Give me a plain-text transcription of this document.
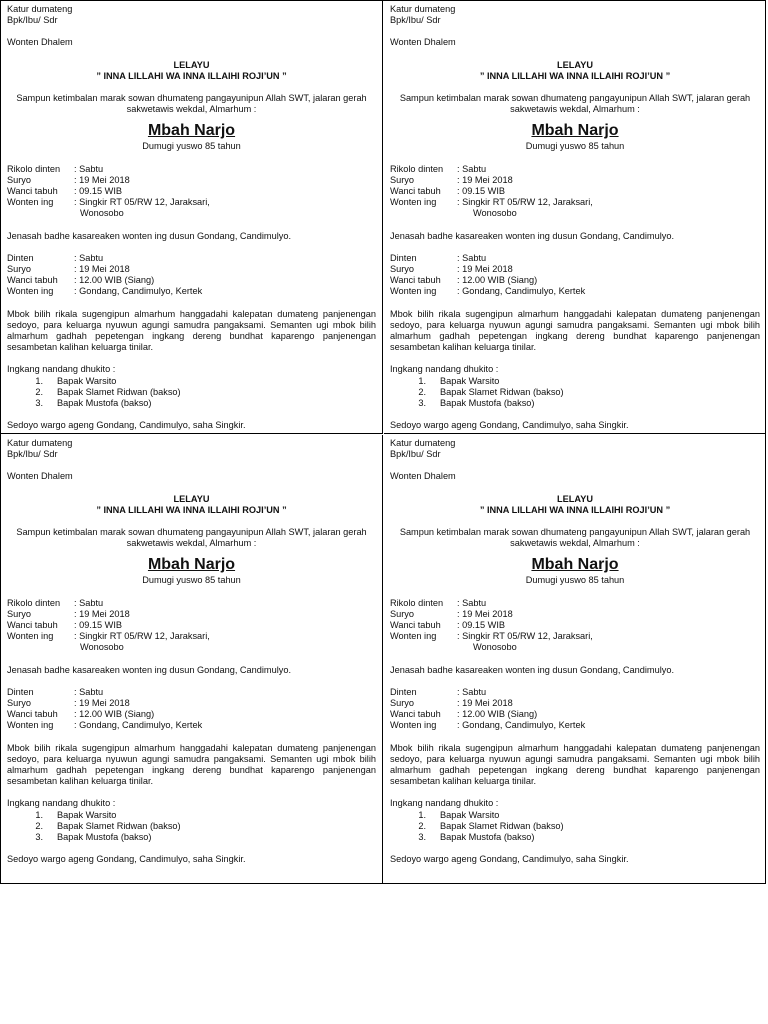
Katur dumateng
Bpk/Ibu/ Sdr
Wonten Dhalem
LELAYU
” INNA LILLAHI WA INNA ILLAIHI ROJI’UN ”
Sampun ketimbalan marak sowan dhumateng pangayunipun Allah SWT, jalaran gerah sakwetawis wekdal, Almarhum :
Mbah Narjo
Dumugi yuswo 85 tahun
Rikolo dinten	: Sabtu
Suryo	: 19 Mei 2018
Wanci tabuh	: 09.15 WIB
Wonten ing	: Singkir RT 05/RW 12, Jaraksari,
Wonosobo
Jenasah badhe kasareaken wonten ing dusun Gondang, Candimulyo.
Dinten	: Sabtu
Suryo	: 19 Mei 2018
Wanci tabuh	: 12.00 WIB (Siang)
Wonten ing	: Gondang, Candimulyo, Kertek
Mbok bilih rikala sugengipun almarhum hanggadahi kalepatan dumateng panjenengan sedoyo, para keluarga nyuwun agungi samudra pangaksami. Semanten ugi mbok bilih almarhum gadhah pepetengan ingkang dereng bundhat kaparengo panjenengan sesambetan kalihan keluarga tinilar.
Ingkang nandang dhukito :
1.	Bapak Warsito
2.	Bapak Slamet Ridwan (bakso)
3.	Bapak Mustofa (bakso)
Sedoyo wargo ageng Gondang, Candimulyo, saha Singkir.
Katur dumateng
Bpk/Ibu/ Sdr
Wonten Dhalem
LELAYU
” INNA LILLAHI WA INNA ILLAIHI ROJI’UN ”
Sampun ketimbalan marak sowan dhumateng pangayunipun Allah SWT, jalaran gerah sakwetawis wekdal, Almarhum :
Mbah Narjo
Dumugi yuswo 85 tahun
Rikolo dinten	: Sabtu
Suryo	: 19 Mei 2018
Wanci tabuh	: 09.15 WIB
Wonten ing	: Singkir RT 05/RW 12, Jaraksari,
Wonosobo
Jenasah badhe kasareaken wonten ing dusun Gondang, Candimulyo.
Dinten	: Sabtu
Suryo	: 19 Mei 2018
Wanci tabuh	: 12.00 WIB (Siang)
Wonten ing	: Gondang, Candimulyo, Kertek
Mbok bilih rikala sugengipun almarhum hanggadahi kalepatan dumateng panjenengan sedoyo, para keluarga nyuwun agungi samudra pangaksami. Semanten ugi mbok bilih almarhum gadhah pepetengan ingkang dereng bundhat kaparengo panjenengan sesambetan kalihan keluarga tinilar.
Ingkang nandang dhukito :
1.	Bapak Warsito
2.	Bapak Slamet Ridwan (bakso)
3.	Bapak Mustofa (bakso)
Sedoyo wargo ageng Gondang, Candimulyo, saha Singkir.
Katur dumateng
Bpk/Ibu/ Sdr
Wonten Dhalem
LELAYU
” INNA LILLAHI WA INNA ILLAIHI ROJI’UN ”
Sampun ketimbalan marak sowan dhumateng pangayunipun Allah SWT, jalaran gerah sakwetawis wekdal, Almarhum :
Mbah Narjo
Dumugi yuswo 85 tahun
Rikolo dinten	: Sabtu
Suryo	: 19 Mei 2018
Wanci tabuh	: 09.15 WIB
Wonten ing	: Singkir RT 05/RW 12, Jaraksari,
Wonosobo
Jenasah badhe kasareaken wonten ing dusun Gondang, Candimulyo.
Dinten	: Sabtu
Suryo	: 19 Mei 2018
Wanci tabuh	: 12.00 WIB (Siang)
Wonten ing	: Gondang, Candimulyo, Kertek
Mbok bilih rikala sugengipun almarhum hanggadahi kalepatan dumateng panjenengan sedoyo, para keluarga nyuwun agungi samudra pangaksami. Semanten ugi mbok bilih almarhum gadhah pepetengan ingkang dereng bundhat kaparengo panjenengan sesambetan kalihan keluarga tinilar.
Ingkang nandang dhukito :
1.	Bapak Warsito
2.	Bapak Slamet Ridwan (bakso)
3.	Bapak Mustofa (bakso)
Sedoyo wargo ageng Gondang, Candimulyo, saha Singkir.
Katur dumateng
Bpk/Ibu/ Sdr
Wonten Dhalem
LELAYU
” INNA LILLAHI WA INNA ILLAIHI ROJI’UN ”
Sampun ketimbalan marak sowan dhumateng pangayunipun Allah SWT, jalaran gerah sakwetawis wekdal, Almarhum :
Mbah Narjo
Dumugi yuswo 85 tahun
Rikolo dinten	: Sabtu
Suryo	: 19 Mei 2018
Wanci tabuh	: 09.15 WIB
Wonten ing	: Singkir RT 05/RW 12, Jaraksari,
Wonosobo
Jenasah badhe kasareaken wonten ing dusun Gondang, Candimulyo.
Dinten	: Sabtu
Suryo	: 19 Mei 2018
Wanci tabuh	: 12.00 WIB (Siang)
Wonten ing	: Gondang, Candimulyo, Kertek
Mbok bilih rikala sugengipun almarhum hanggadahi kalepatan dumateng panjenengan sedoyo, para keluarga nyuwun agungi samudra pangaksami. Semanten ugi mbok bilih almarhum gadhah pepetengan ingkang dereng bundhat kaparengo panjenengan sesambetan kalihan keluarga tinilar.
Ingkang nandang dhukito :
1.	Bapak Warsito
2.	Bapak Slamet Ridwan (bakso)
3.	Bapak Mustofa (bakso)
Sedoyo wargo ageng Gondang, Candimulyo, saha Singkir.
